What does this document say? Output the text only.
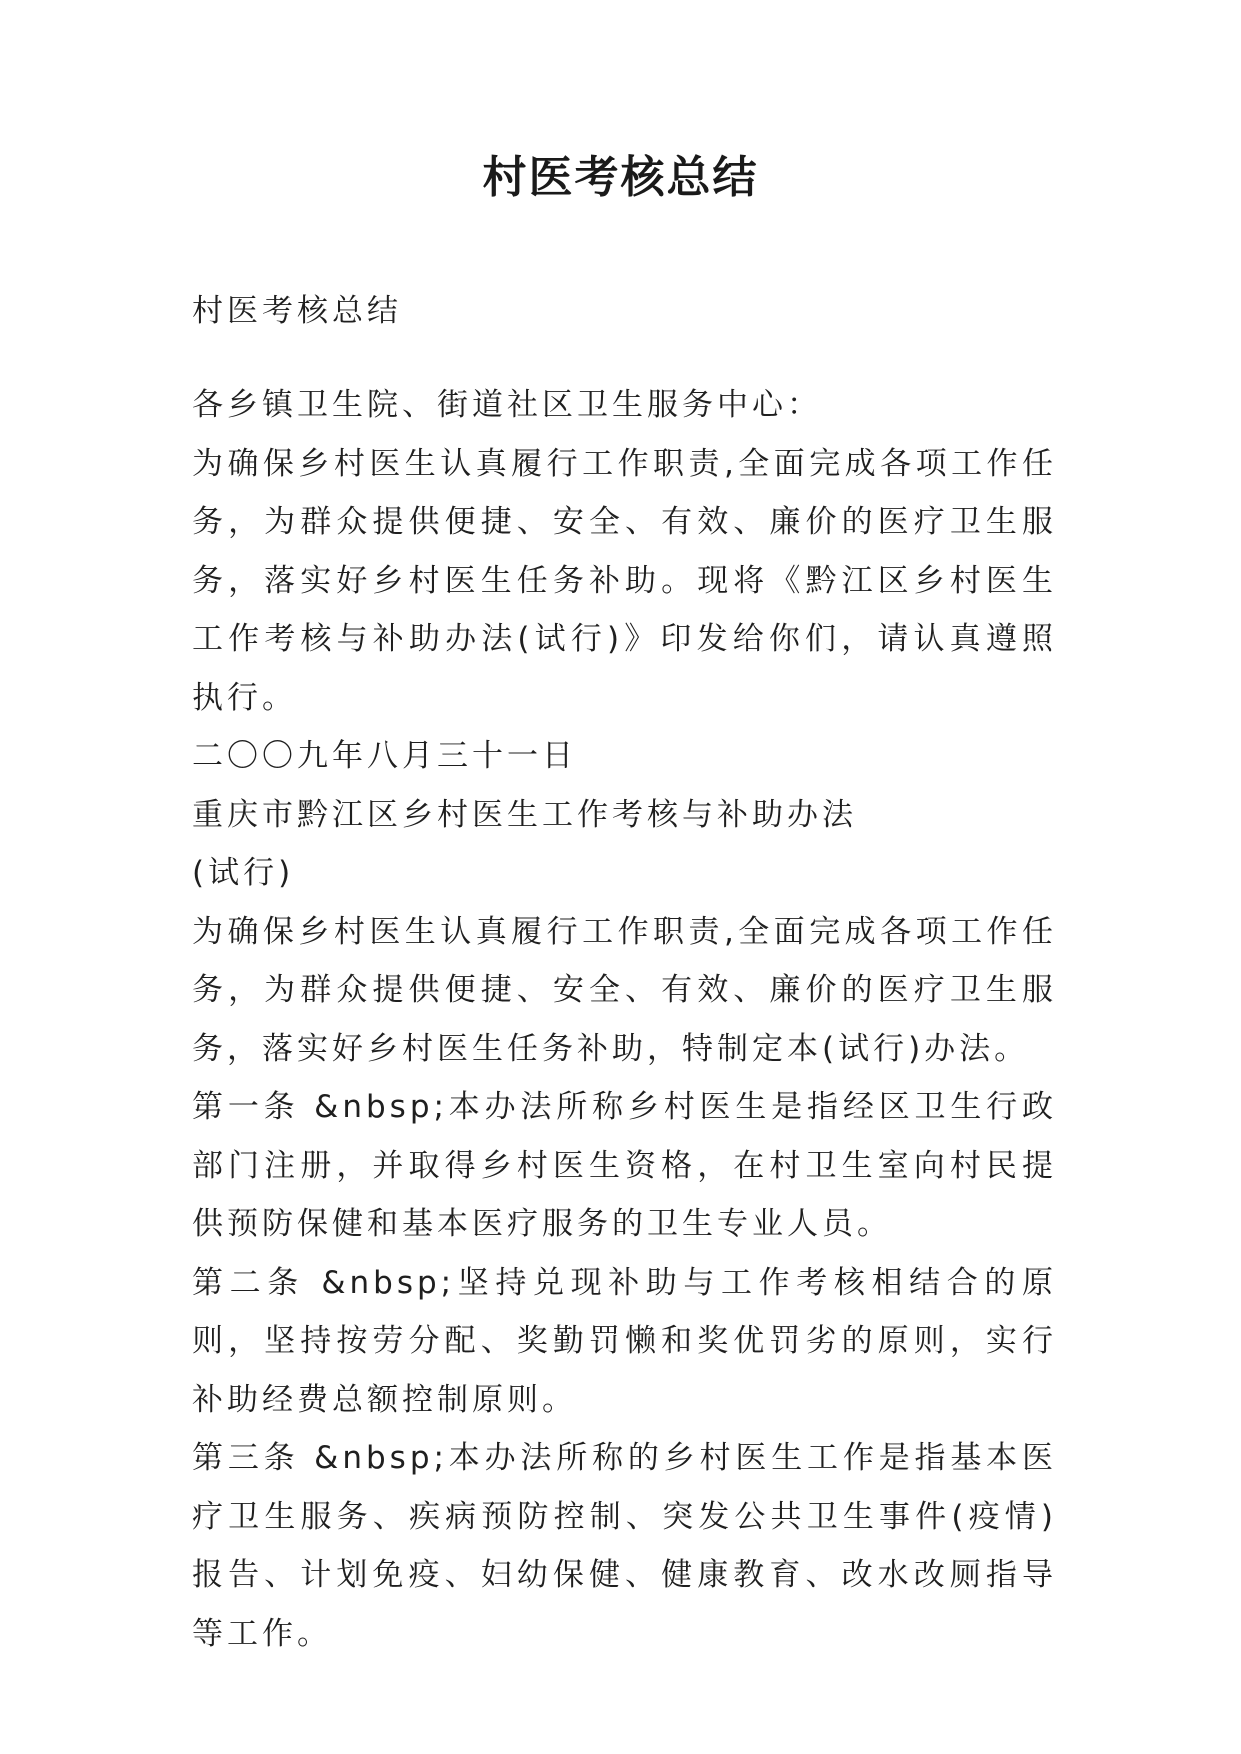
村医考核总结
村医考核总结

各乡镇卫生院、街道社区卫生服务中心：

为确保乡村医生认真履行工作职责,全面完成各项工作任务，为群众提供便捷、安全、有效、廉价的医疗卫生服务，落实好乡村医生任务补助。现将《黔江区乡村医生工作考核与补助办法(试行)》印发给你们，请认真遵照执行。

二〇〇九年八月三十一日

重庆市黔江区乡村医生工作考核与补助办法

(试行)

为确保乡村医生认真履行工作职责,全面完成各项工作任务，为群众提供便捷、安全、有效、廉价的医疗卫生服务，落实好乡村医生任务补助，特制定本(试行)办法。

第一条 &nbsp;本办法所称乡村医生是指经区卫生行政部门注册，并取得乡村医生资格，在村卫生室向村民提供预防保健和基本医疗服务的卫生专业人员。

第二条 &nbsp;坚持兑现补助与工作考核相结合的原则，坚持按劳分配、奖勤罚懒和奖优罚劣的原则，实行补助经费总额控制原则。

第三条 &nbsp;本办法所称的乡村医生工作是指基本医疗卫生服务、疾病预防控制、突发公共卫生事件(疫情)报告、计划免疫、妇幼保健、健康教育、改水改厕指导等工作。
